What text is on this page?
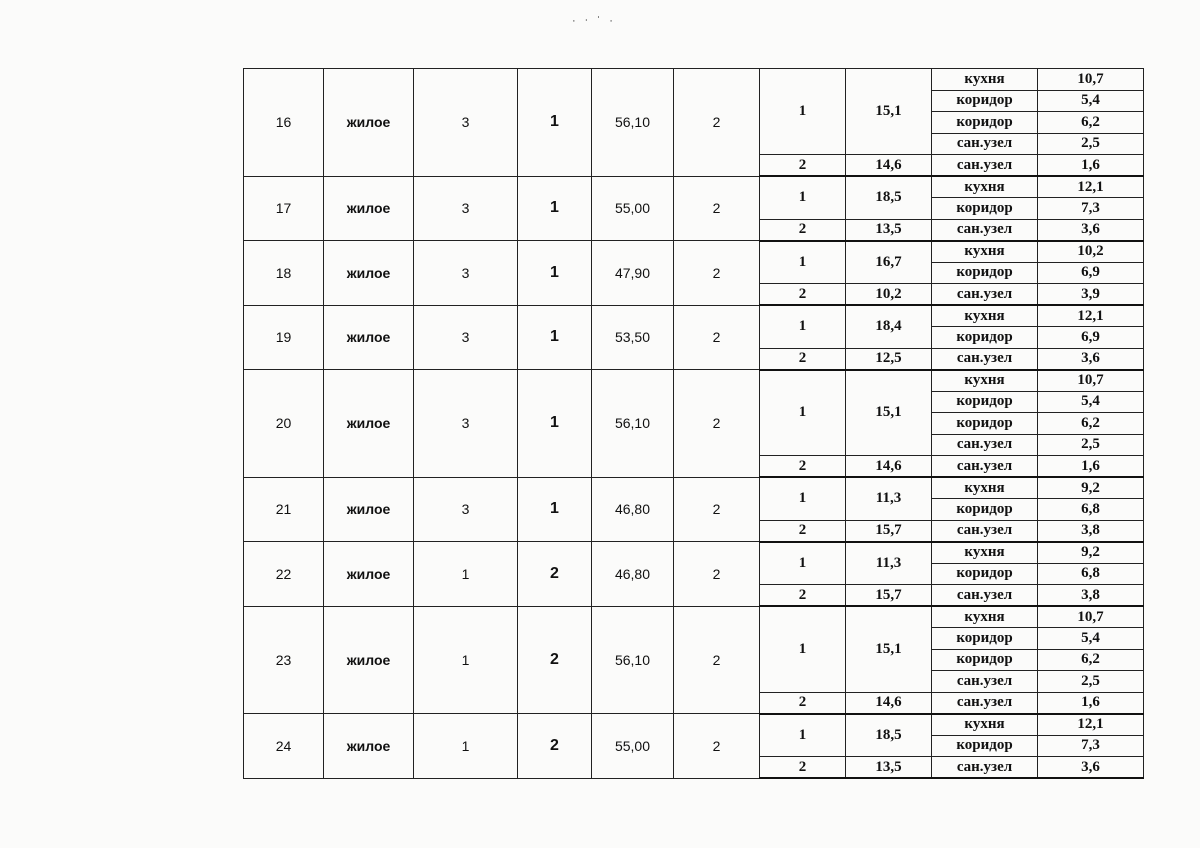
· ᐧ ʿ ·
16	жилое	3	1	56,10	2	1	15,1	кухня	10,7
								коридор	5,4
								коридор	6,2
								сан.узел	2,5
						2	14,6	сан.узел	1,6
17	жилое	3	1	55,00	2	1	18,5	кухня	12,1
								коридор	7,3
						2	13,5	сан.узел	3,6
18	жилое	3	1	47,90	2	1	16,7	кухня	10,2
								коридор	6,9
						2	10,2	сан.узел	3,9
19	жилое	3	1	53,50	2	1	18,4	кухня	12,1
								коридор	6,9
						2	12,5	сан.узел	3,6
20	жилое	3	1	56,10	2	1	15,1	кухня	10,7
								коридор	5,4
								коридор	6,2
								сан.узел	2,5
						2	14,6	сан.узел	1,6
21	жилое	3	1	46,80	2	1	11,3	кухня	9,2
								коридор	6,8
						2	15,7	сан.узел	3,8
22	жилое	1	2	46,80	2	1	11,3	кухня	9,2
								коридор	6,8
						2	15,7	сан.узел	3,8
23	жилое	1	2	56,10	2	1	15,1	кухня	10,7
								коридор	5,4
								коридор	6,2
								сан.узел	2,5
						2	14,6	сан.узел	1,6
24	жилое	1	2	55,00	2	1	18,5	кухня	12,1
								коридор	7,3
						2	13,5	сан.узел	3,6
